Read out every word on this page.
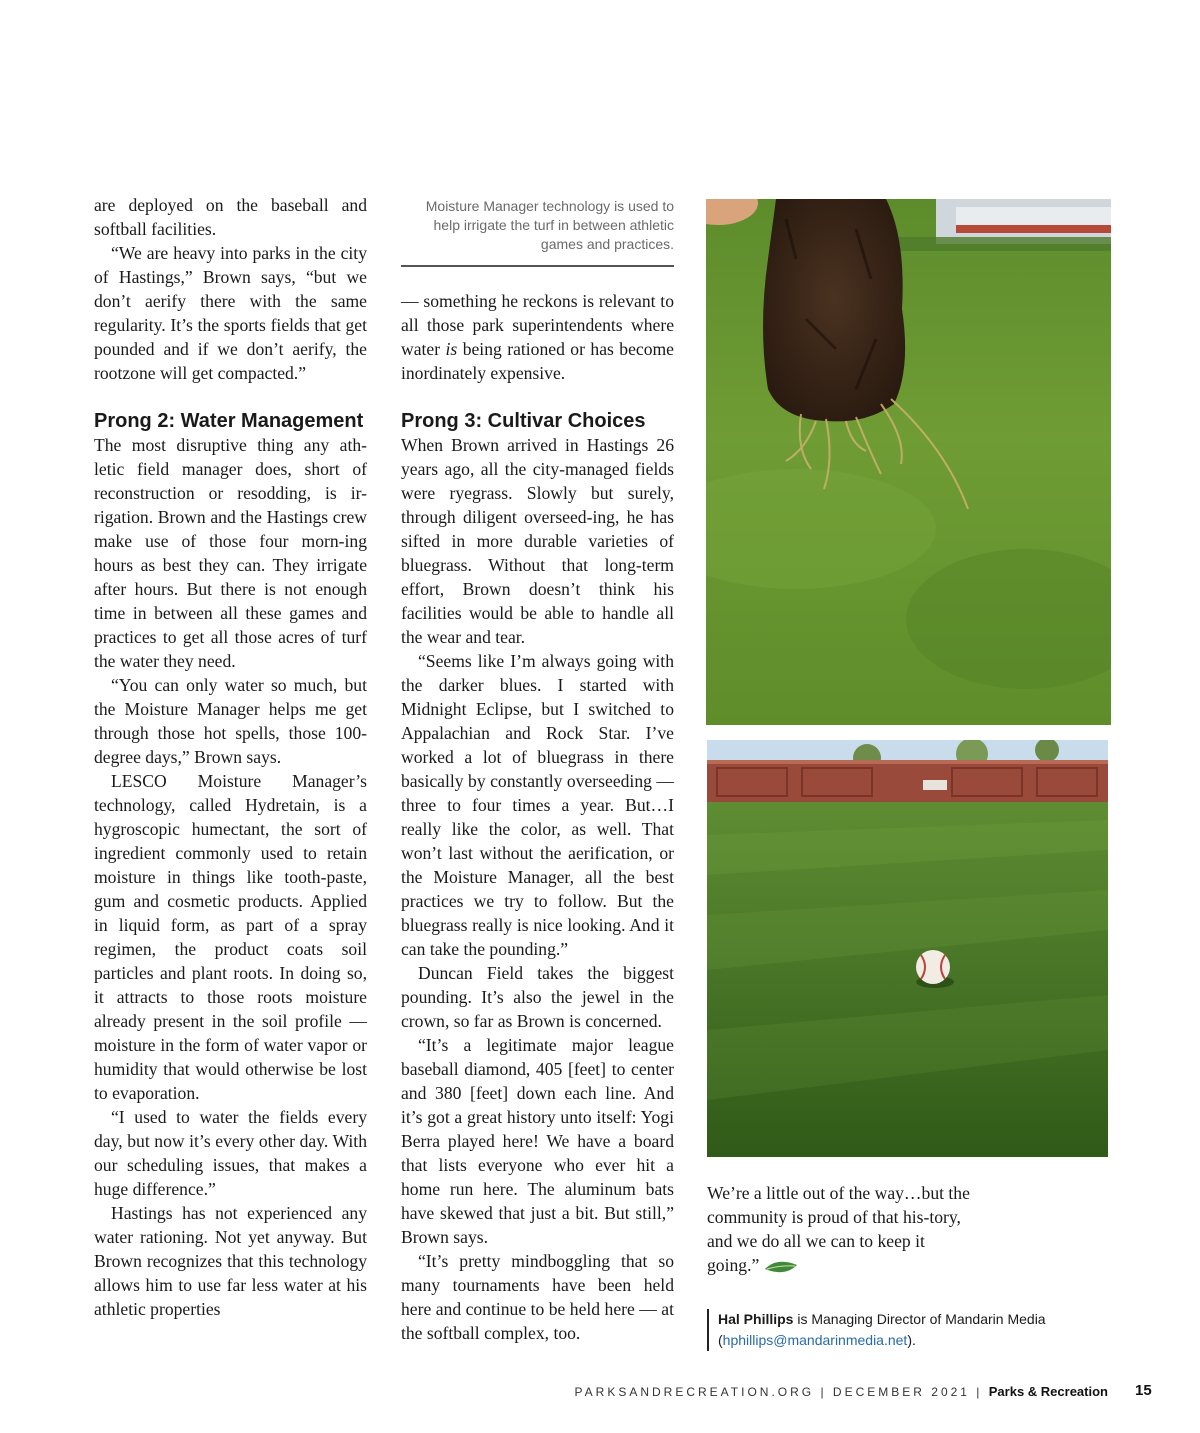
are deployed on the baseball and softball facilities.

“We are heavy into parks in the city of Hastings,” Brown says, “but we don’t aerify there with the same regularity. It’s the sports fields that get pounded and if we don’t aerify, the rootzone will get compacted.”

Prong 2: Water Management

The most disruptive thing any ath-letic field manager does, short of reconstruction or resodding, is ir-rigation. Brown and the Hastings crew make use of those four morn-ing hours as best they can. They irrigate after hours. But there is not enough time in between all these games and practices to get all those acres of turf the water they need.

“You can only water so much, but the Moisture Manager helps me get through those hot spells, those 100-degree days,” Brown says.

LESCO Moisture Manager’s technology, called Hydretain, is a hygroscopic humectant, the sort of ingredient commonly used to retain moisture in things like tooth-paste, gum and cosmetic products. Applied in liquid form, as part of a spray regimen, the product coats soil particles and plant roots. In doing so, it attracts to those roots moisture already present in the soil profile — moisture in the form of water vapor or humidity that would otherwise be lost to evaporation.

“I used to water the fields every day, but now it’s every other day. With our scheduling issues, that makes a huge difference.”

Hastings has not experienced any water rationing. Not yet anyway. But Brown recognizes that this technology allows him to use far less water at his athletic properties

Moisture Manager technology is used to help irrigate the turf in between athletic games and practices.

— something he reckons is relevant to all those park superintendents where water is being rationed or has become inordinately expensive.

Prong 3: Cultivar Choices

When Brown arrived in Hastings 26 years ago, all the city-managed fields were ryegrass. Slowly but surely, through diligent overseed-ing, he has sifted in more durable varieties of bluegrass. Without that long-term effort, Brown doesn’t think his facilities would be able to handle all the wear and tear.

“Seems like I’m always going with the darker blues. I started with Midnight Eclipse, but I switched to Appalachian and Rock Star. I’ve worked a lot of bluegrass in there basically by constantly overseeding — three to four times a year. But…I really like the color, as well. That won’t last without the aerification, or the Moisture Manager, all the best practices we try to follow. But the bluegrass really is nice looking. And it can take the pounding.”

Duncan Field takes the biggest pounding. It’s also the jewel in the crown, so far as Brown is concerned.

“It’s a legitimate major league baseball diamond, 405 [feet] to center and 380 [feet] down each line. And it’s got a great history unto itself: Yogi Berra played here! We have a board that lists everyone who ever hit a home run here. The aluminum bats have skewed that just a bit. But still,” Brown says.

“It’s pretty mindboggling that so many tournaments have been held here and continue to be held here — at the softball complex, too.

We’re a little out of the way…but the community is proud of that his-tory, and we do all we can to keep it going.”

Hal Phillips is Managing Director of Mandarin Media (hphillips@mandarinmedia.net).
PARKSANDRECREATION.ORG | DECEMBER 2021 | Parks & Recreation 15
